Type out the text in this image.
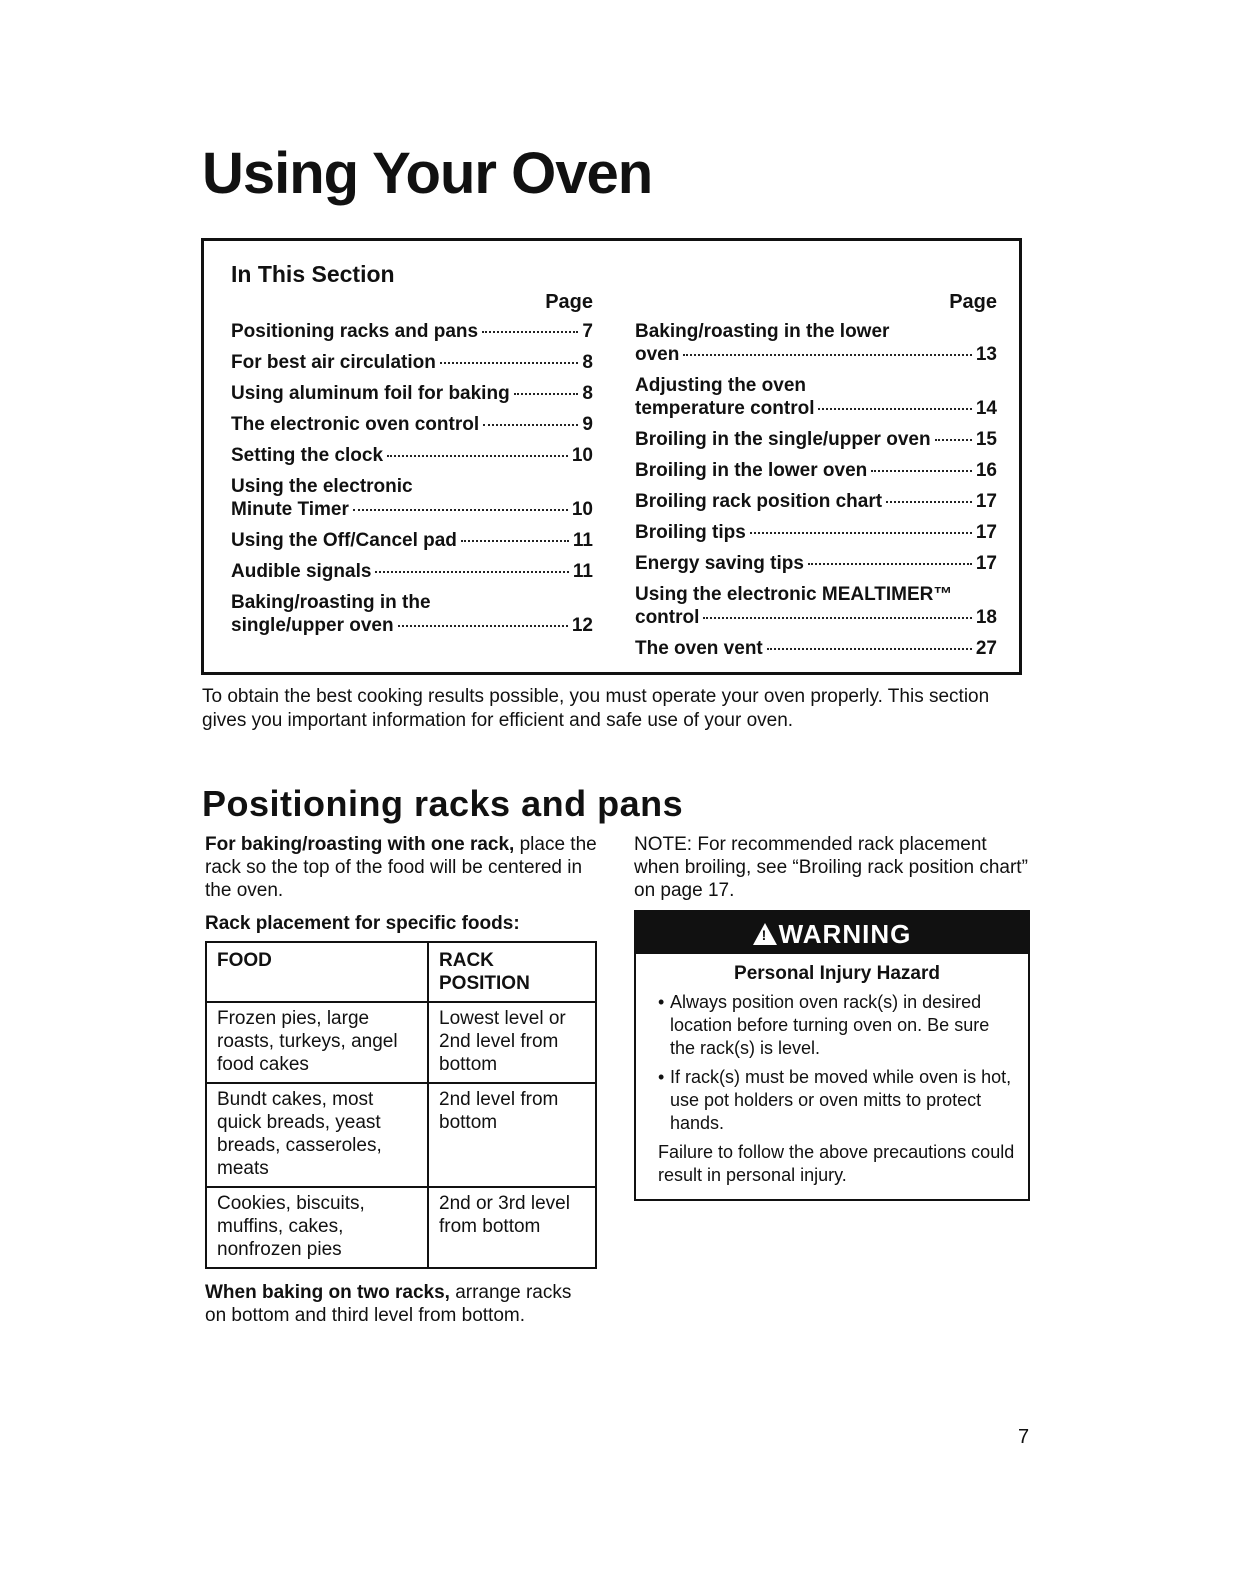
Using Your Oven
In This Section
Page
Positioning racks and pans	7
For best air circulation	8
Using aluminum foil for baking	8
The electronic oven control	9
Setting the clock	10
Using the electronic
Minute Timer	10
Using the Off/Cancel pad	11
Audible signals	11
Baking/roasting in the
single/upper oven	12
Page
Baking/roasting in the lower
oven	13
Adjusting the oven
temperature control	14
Broiling in the single/upper oven 15
Broiling in the lower oven	16
Broiling rack position chart	17
Broiling tips	17
Energy saving tips	17
Using the electronic MEALTIMER™
control	18
The oven vent	27

To obtain the best cooking results possible, you must operate your oven properly. This section gives you important information for efficient and safe use of your oven.

Positioning racks and pans

For baking/roasting with one rack, place the rack so the top of the food will be centered in the oven.

Rack placement for specific foods:

FOOD	RACK POSITION
Frozen pies, large roasts, turkeys, angel food cakes	Lowest level or 2nd level from bottom
Bundt cakes, most quick breads, yeast breads, casseroles, meats	2nd level from bottom
Cookies, biscuits, muffins, cakes, nonfrozen pies	2nd or 3rd level from bottom

When baking on two racks, arrange racks on bottom and third level from bottom.

NOTE: For recommended rack placement when broiling, see “Broiling rack position chart” on page 17.

! WARNING
Personal Injury Hazard
• Always position oven rack(s) in desired location before turning oven on. Be sure the rack(s) is level.
• If rack(s) must be moved while oven is hot, use pot holders or oven mitts to protect hands.
Failure to follow the above precautions could result in personal injury.
7
